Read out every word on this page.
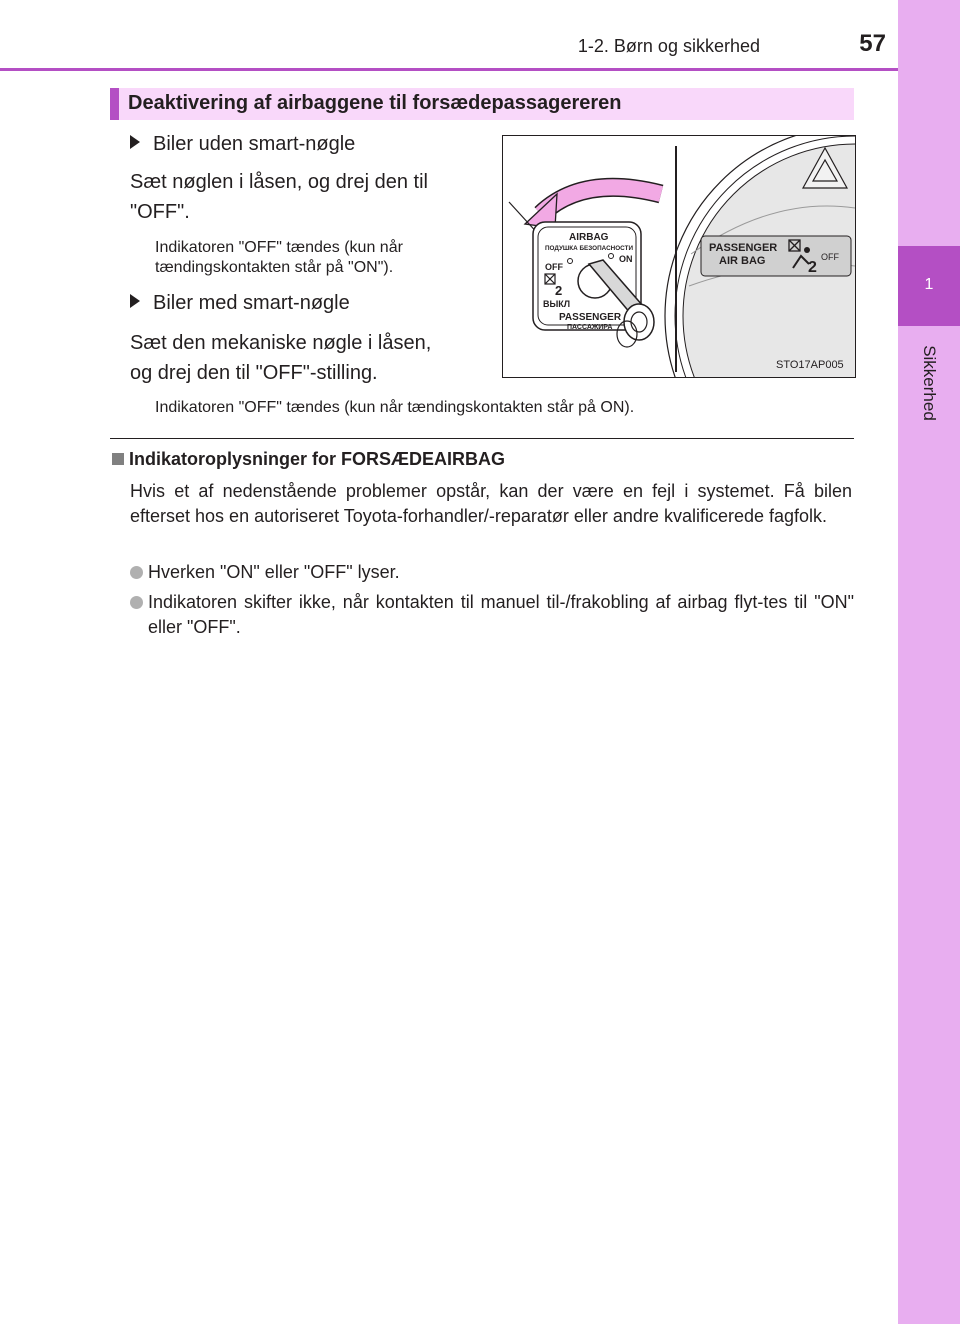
1
Sikkerhed
1-2. Børn og sikkerhed	57
Deaktivering af airbaggene til forsædepassagereren
Biler uden smart-nøgle
Sæt nøglen i låsen, og drej den til
"OFF".
Indikatoren "OFF" tændes (kun når
tændingskontakten står på "ON").
Biler med smart-nøgle
Sæt den mekaniske nøgle i låsen,
og drej den til "OFF"-stilling.
Indikatoren "OFF" tændes (kun når tændingskontakten står på ON).
PASSENGER
AIR BAG	2
OFF
AIRBAG
ПОДУШКА БЕЗОПАСНОСТИ
OFF
ON
2
ВЫКЛ
PASSENGER
ПАССАЖИРА
STO17AP005
Indikatoroplysninger for FORSÆDEAIRBAG
Hvis et af nedenstående problemer opstår, kan der være en fejl i systemet. Få bilen efterset hos en autoriseret Toyota-forhandler/-reparatør eller andre kvalificerede fagfolk.
Hverken "ON" eller "OFF" lyser.
Indikatoren skifter ikke, når kontakten til manuel til-/frakobling af airbag flyt-tes til "ON" eller "OFF".
